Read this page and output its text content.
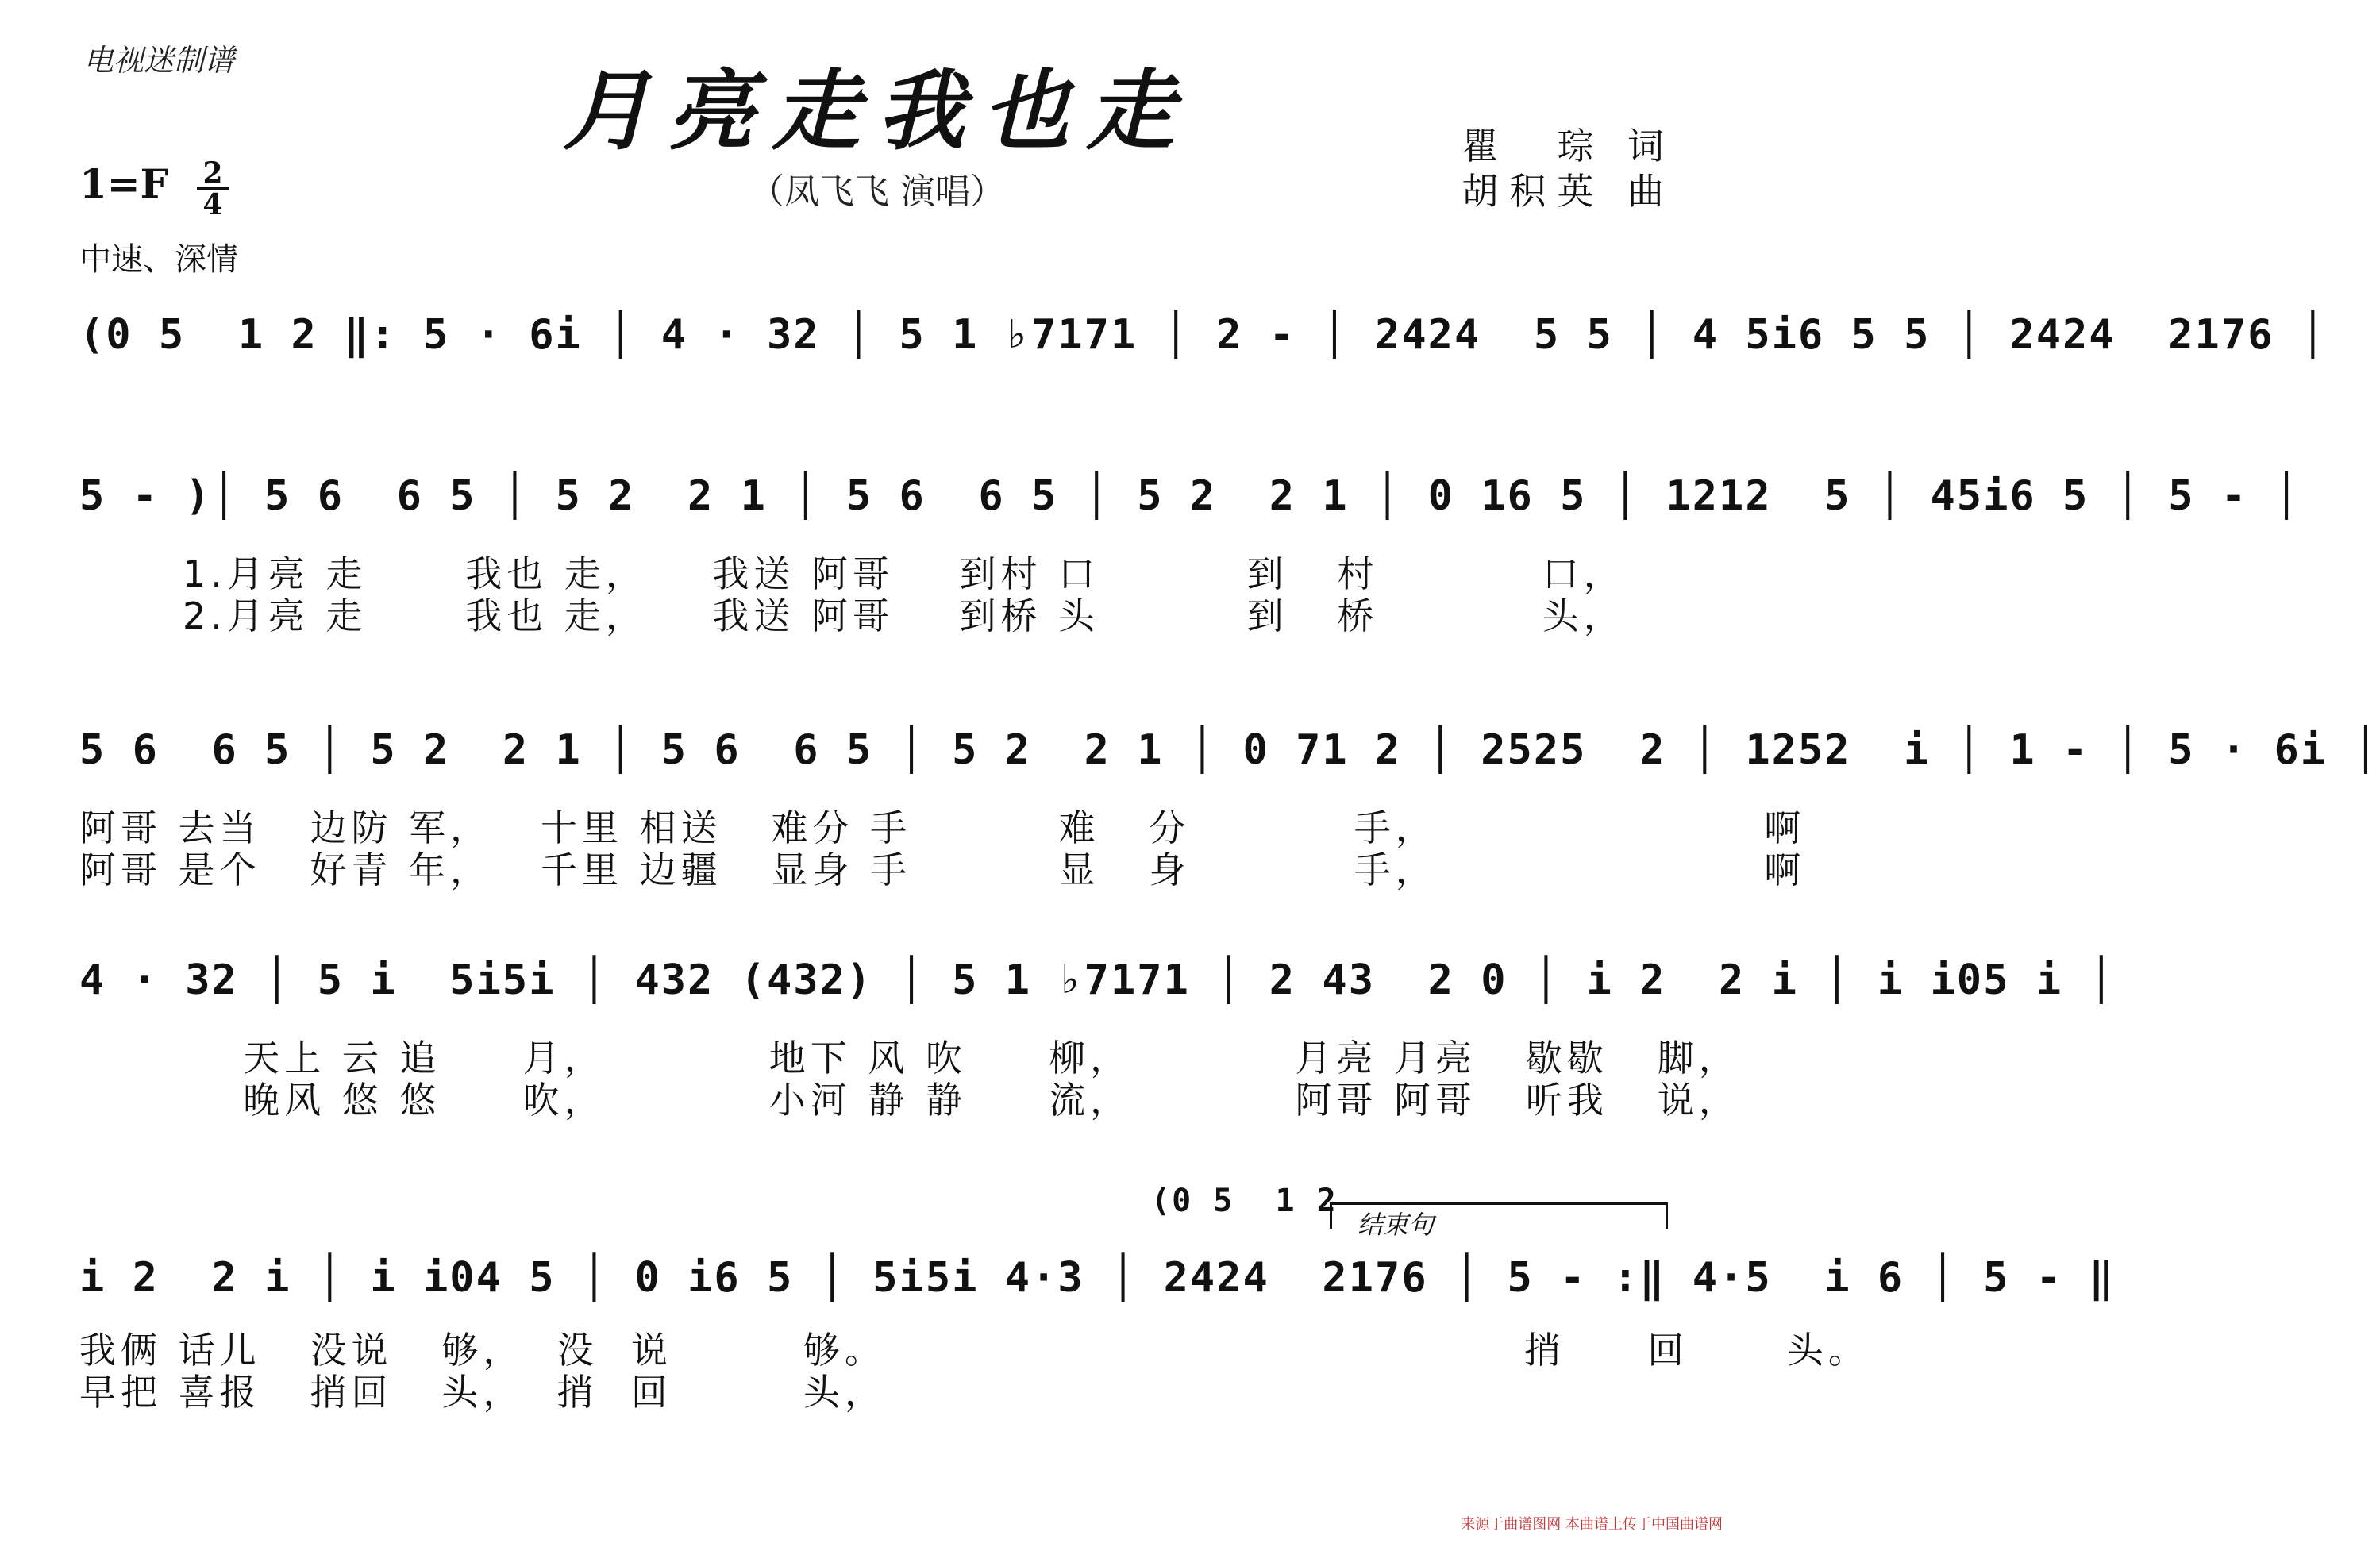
电视迷制谱	月亮走我也走
（凤飞飞 演唱）
瞿　琮 词
胡积英 曲
1=F 2
4
中速、深情
(0 5  1 2 ‖: 5 · 6i │ 4 · 32 │ 5 1 ♭7171 │ 2 - │ 2424  5 5 │ 4 5i6 5 5 │ 2424  2176 │
5 - )│ 5 6  6 5 │ 5 2  2 1 │ 5 6  6 5 │ 5 2  2 1 │ 0 16 5 │ 1212  5 │ 45i6 5 │ 5 - │
1.月亮 走      我也 走，    我送 阿哥    到村 口         到   村          口，
2.月亮 走      我也 走，    我送 阿哥    到桥 头         到   桥          头，
5 6  6 5 │ 5 2  2 1 │ 5 6  6 5 │ 5 2  2 1 │ 0 71 2 │ 2525  2 │ 1252  i │ 1 - │ 5 · 6i │
阿哥 去当   边防 军，   十里 相送   难分 手         难   分          手，                    啊
阿哥 是个   好青 年，   千里 边疆   显身 手         显   身          手，                    啊
4 · 32 │ 5 i  5i5i │ 432 (432) │ 5 1 ♭7171 │ 2 43  2 0 │ i 2  2 i │ i i05 i │
天上 云 追     月，          地下 风 吹     柳，          月亮 月亮   歇歇   脚，
晚风 悠 悠     吹，          小河 静 静     流，          阿哥 阿哥   听我   说，
(0 5  1 2
结束句
i 2  2 i │ i i04 5 │ 0 i6 5 │ 5i5i 4·3 │ 2424  2176 │ 5 - :‖ 4·5  i 6 │ 5 - ‖
我俩 话儿   没说   够，  没  说        够。                                       捎     回      头。
早把 喜报   捎回   头，  捎  回        头，
来源于曲谱图网 本曲谱上传于中国曲谱网
